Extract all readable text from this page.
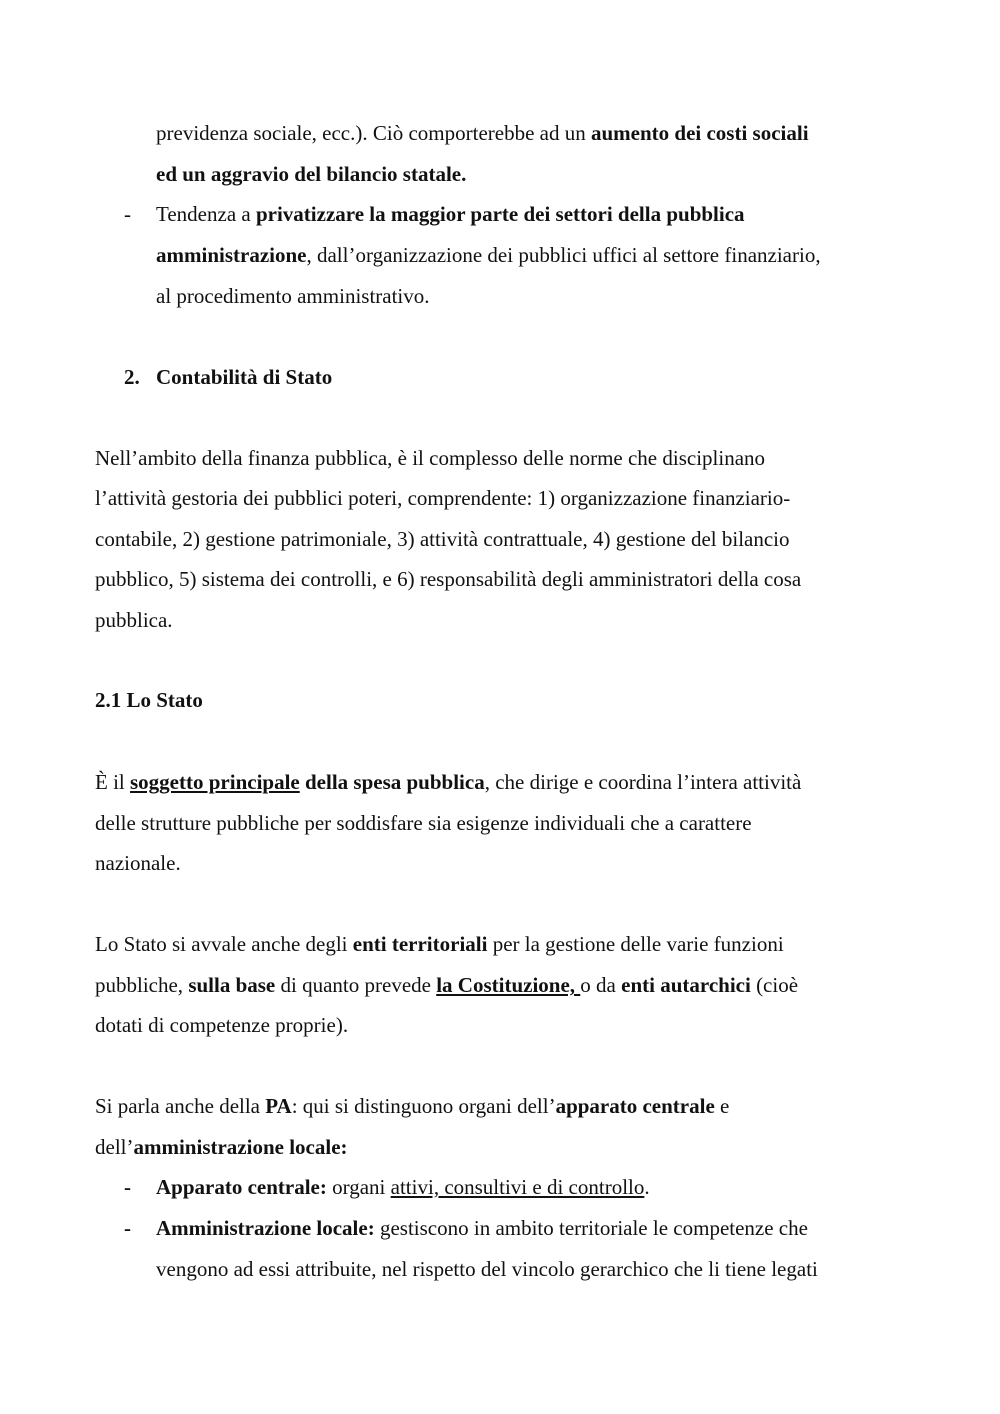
previdenza sociale, ecc.). Ciò comporterebbe ad un aumento dei costi sociali
ed un aggravio del bilancio statale.
- Tendenza a privatizzare la maggior parte dei settori della pubblica
amministrazione, dall’organizzazione dei pubblici uffici al settore finanziario,
al procedimento amministrativo.
2. Contabilità di Stato
Nell’ambito della finanza pubblica, è il complesso delle norme che disciplinano
l’attività gestoria dei pubblici poteri, comprendente: 1) organizzazione finanziario-
contabile, 2) gestione patrimoniale, 3) attività contrattuale, 4) gestione del bilancio
pubblico, 5) sistema dei controlli, e 6) responsabilità degli amministratori della cosa
pubblica.
2.1 Lo Stato
È il soggetto principale della spesa pubblica, che dirige e coordina l’intera attività
delle strutture pubbliche per soddisfare sia esigenze individuali che a carattere
nazionale.
Lo Stato si avvale anche degli enti territoriali per la gestione delle varie funzioni
pubbliche, sulla base di quanto prevede la Costituzione, o da enti autarchici (cioè
dotati di competenze proprie).
Si parla anche della PA: qui si distinguono organi dell’apparato centrale e
dell’amministrazione locale:
- Apparato centrale: organi attivi, consultivi e di controllo.
- Amministrazione locale: gestiscono in ambito territoriale le competenze che
vengono ad essi attribuite, nel rispetto del vincolo gerarchico che li tiene legati
